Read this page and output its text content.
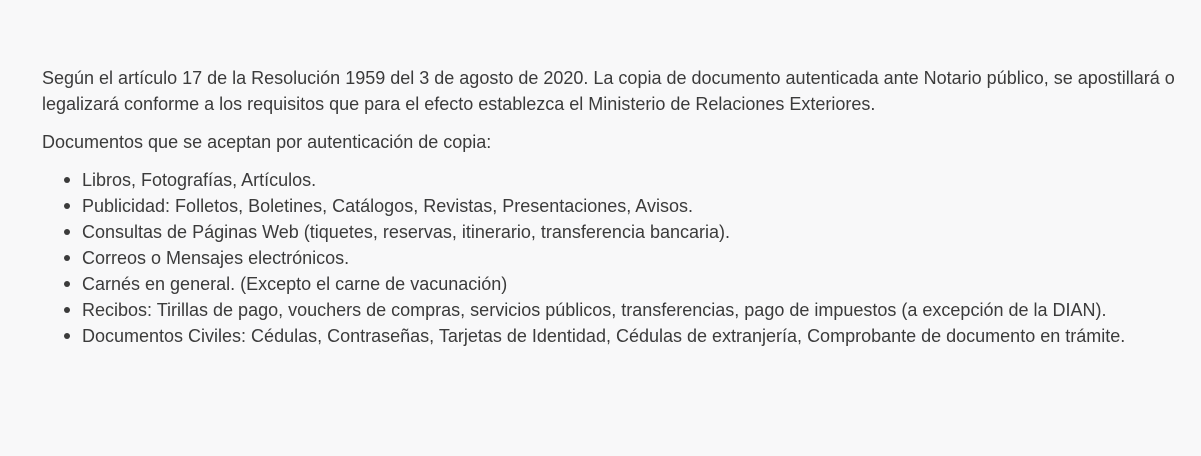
Según el artículo 17 de la Resolución 1959 del 3 de agosto de 2020. La copia de documento autenticada ante Notario público, se apostillará o legalizará conforme a los requisitos que para el efecto establezca el Ministerio de Relaciones Exteriores.

Documentos que se aceptan por autenticación de copia:

Libros, Fotografías, Artículos.
Publicidad: Folletos, Boletines, Catálogos, Revistas, Presentaciones, Avisos.
Consultas de Páginas Web (tiquetes, reservas, itinerario, transferencia bancaria).
Correos o Mensajes electrónicos.
Carnés en general. (Excepto el carne de vacunación)
Recibos: Tirillas de pago, vouchers de compras, servicios públicos, transferencias, pago de impuestos (a excepción de la DIAN).
Documentos Civiles: Cédulas, Contraseñas, Tarjetas de Identidad, Cédulas de extranjería, Comprobante de documento en trámite.
